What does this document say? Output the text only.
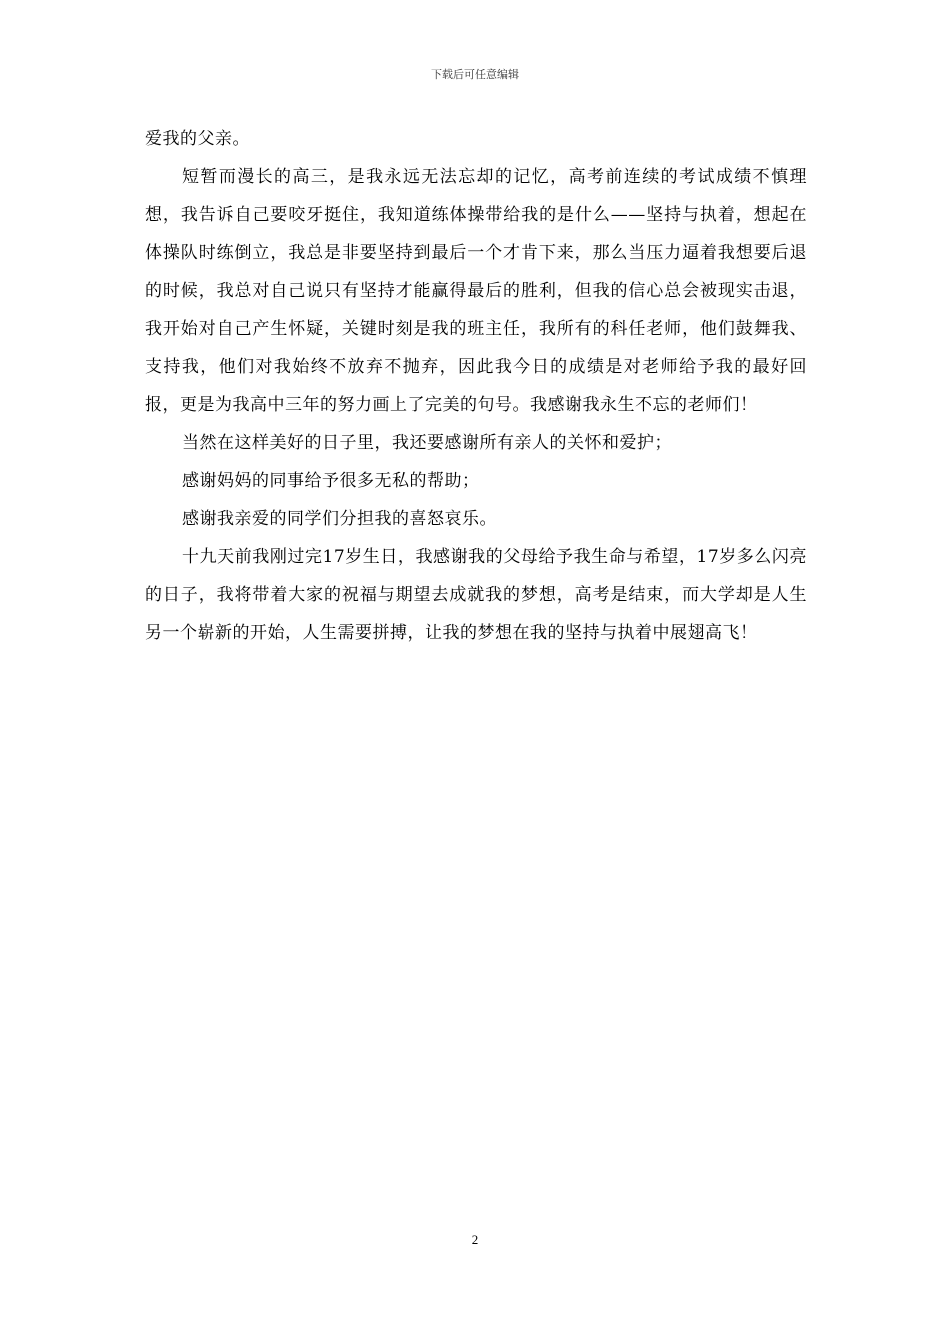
下载后可任意编辑

爱我的父亲。

短暂而漫长的高三，是我永远无法忘却的记忆，高考前连续的考试成绩不慎理想，我告诉自己要咬牙挺住，我知道练体操带给我的是什么——坚持与执着，想起在体操队时练倒立，我总是非要坚持到最后一个才肯下来，那么当压力逼着我想要后退的时候，我总对自己说只有坚持才能赢得最后的胜利，但我的信心总会被现实击退，我开始对自己产生怀疑，关键时刻是我的班主任，我所有的科任老师，他们鼓舞我、支持我，他们对我始终不放弃不抛弃，因此我今日的成绩是对老师给予我的最好回报，更是为我高中三年的努力画上了完美的句号。我感谢我永生不忘的老师们！

当然在这样美好的日子里，我还要感谢所有亲人的关怀和爱护；

感谢妈妈的同事给予很多无私的帮助；

感谢我亲爱的同学们分担我的喜怒哀乐。

十九天前我刚过完17岁生日，我感谢我的父母给予我生命与希望，17岁多么闪亮的日子，我将带着大家的祝福与期望去成就我的梦想，高考是结束，而大学却是人生另一个崭新的开始，人生需要拼搏，让我的梦想在我的坚持与执着中展翅高飞！

2
